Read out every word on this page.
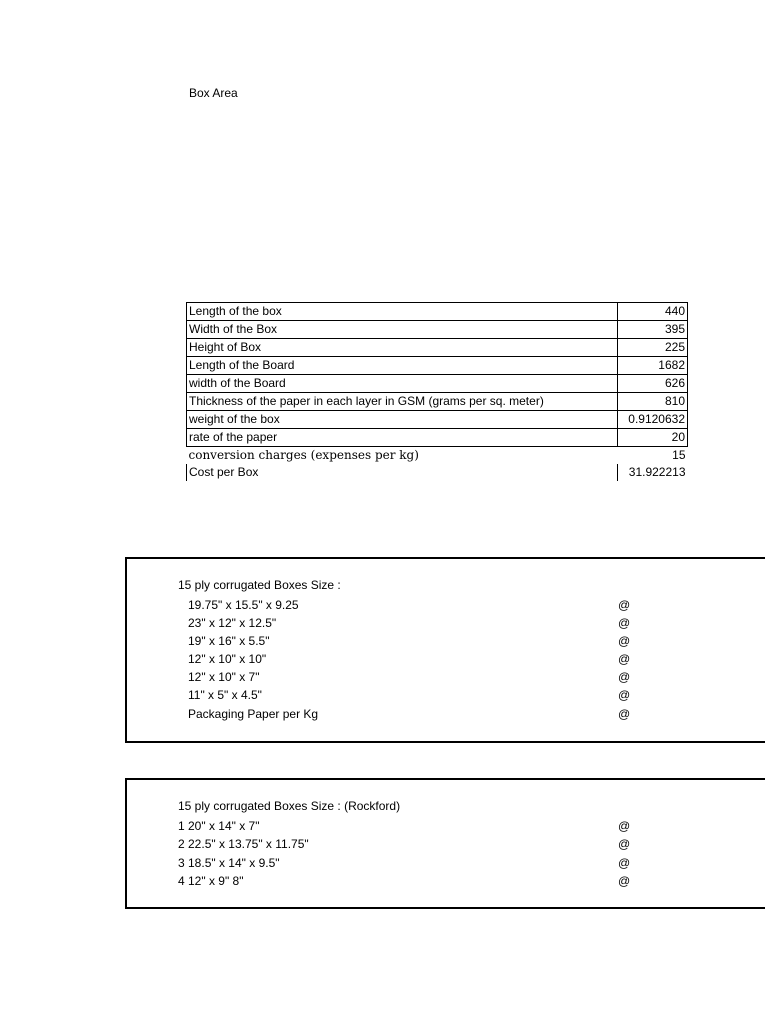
Box Area
Length of the box	440
Width of the Box	395
Height of Box	225
Length of the Board	1682
width of the Board	626
Thickness of the paper in each layer in GSM (grams per sq. meter)	810
weight of the box	0.9120632
rate of the paper	20
conversion charges (expenses per kg)	15
Cost per Box	31.922213
15 ply corrugated Boxes Size :
19.75" x 15.5" x 9.25	@
23" x 12" x 12.5"	@
19" x 16" x 5.5"	@
12" x 10" x 10"	@
12" x 10" x 7"	@
11" x 5" x 4.5"	@
Packaging Paper per Kg	@
15 ply corrugated Boxes Size : (Rockford)
1 20" x 14" x 7"	@
2 22.5" x 13.75" x 11.75"	@
3 18.5" x 14" x 9.5"	@
4 12" x 9" 8"	@
